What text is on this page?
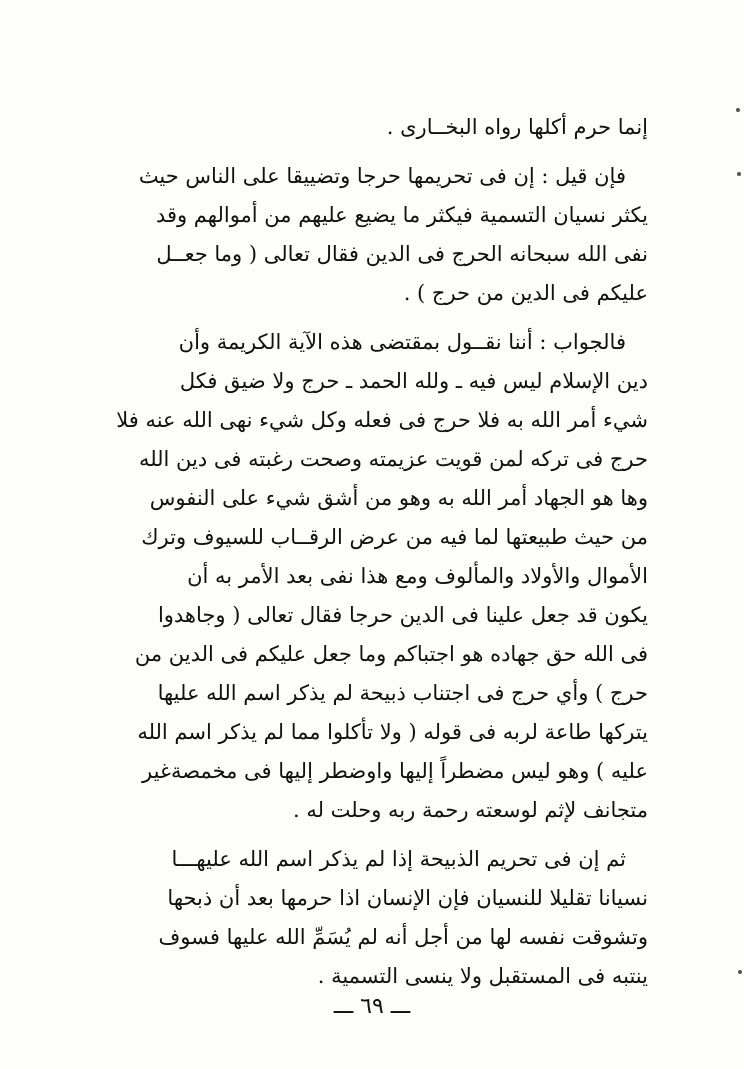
إنما حرم أكلها رواه البخــارى .
فإن قيل : إن فى تحريمها حرجا وتضييقا على الناس حيث
يكثر نسيان التسمية فيكثر ما يضيع عليهم من أموالهم وقد
نفى الله سبحانه الحرج فى الدين فقال تعالى ( وما جعــل
عليكم فى الدين من حرج ) .
فالجواب : أننا نقــول بمقتضى هذه الآية الكريمة وأن
دين الإسلام ليس فيه ـ ولله الحمد ـ حرج ولا ضيق فكل
شيء أمر الله به فلا حرج فى فعله وكل شيء نهى الله عنه فلا
حرج فى تركه لمن قويت عزيمته وصحت رغبته فى دين الله
وها هو الجهاد أمر الله به وهو من أشق شيء على النفوس
من حيث طبيعتها لما فيه من عرض الرقــاب للسيوف وترك
الأموال والأولاد والمألوف ومع هذا نفى بعد الأمر به أن
يكون قد جعل علينا فى الدين حرجا فقال تعالى ( وجاهدوا
فى الله حق جهاده هو اجتباكم وما جعل عليكم فى الدين من
حرج ) وأي حرج فى اجتناب ذبيحة لم يذكر اسم الله عليها
يتركها طاعة لربه فى قوله ( ولا تأكلوا مما لم يذكر اسم الله
عليه ) وهو ليس مضطراً إليها واوضطر إليها فى مخمصةغير
متجانف لإثم لوسعته رحمة ربه وحلت له .
ثم إن فى تحريم الذبيحة إذا لم يذكر اسم الله عليهـــا
نسيانا تقليلا للنسيان فإن الإنسان اذا حرمها بعد أن ذبحها
وتشوقت نفسه لها من أجل أنه لم يُسَمِّ الله عليها فسوف
ينتبه فى المستقبل ولا ينسى التسمية .
ـــ ٦٩ ـــ
